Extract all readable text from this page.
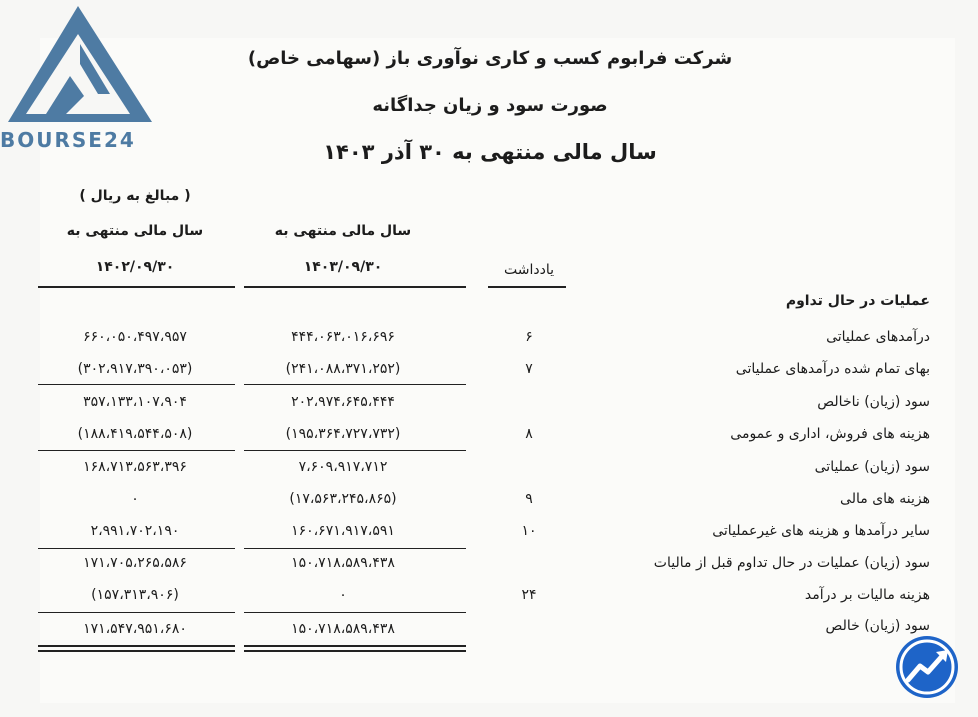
BOURSE24
شرکت فرابوم کسب و کاری نوآوری باز (سهامی خاص)
صورت سود و زیان جداگانه
سال مالی منتهی به ۳۰ آذر ۱۴۰۳
( مبالغ به ریال )
سال مالی منتهی به
۱۴۰۲/۰۹/۳۰
سال مالی منتهی به
۱۴۰۳/۰۹/۳۰	یادداشت
عملیات در حال تداوم
درآمدهای عملیاتی
۶
۴۴۴،۰۶۳،۰۱۶،۶۹۶
۶۶۰،۰۵۰،۴۹۷،۹۵۷
بهای تمام شده درآمدهای عملیاتی
۷
(۲۴۱،۰۸۸،۳۷۱،۲۵۲)
(۳۰۲،۹۱۷،۳۹۰،۰۵۳)
سود (زیان) ناخالص
۲۰۲،۹۷۴،۶۴۵،۴۴۴
۳۵۷،۱۳۳،۱۰۷،۹۰۴
هزینه های فروش، اداری و عمومی
۸
(۱۹۵،۳۶۴،۷۲۷،۷۳۲)
(۱۸۸،۴۱۹،۵۴۴،۵۰۸)
سود (زیان) عملیاتی
۷،۶۰۹،۹۱۷،۷۱۲
۱۶۸،۷۱۳،۵۶۳،۳۹۶
هزینه های مالی
۹
(۱۷،۵۶۳،۲۴۵،۸۶۵)
۰
سایر درآمدها و هزینه های غیرعملیاتی
۱۰
۱۶۰،۶۷۱،۹۱۷،۵۹۱
۲،۹۹۱،۷۰۲،۱۹۰
سود (زیان) عملیات در حال تداوم قبل از مالیات
۱۵۰،۷۱۸،۵۸۹،۴۳۸
۱۷۱،۷۰۵،۲۶۵،۵۸۶
هزینه مالیات بر درآمد
۲۴
۰
(۱۵۷،۳۱۳،۹۰۶)
سود (زیان) خالص
۱۵۰،۷۱۸،۵۸۹،۴۳۸
۱۷۱،۵۴۷،۹۵۱،۶۸۰
